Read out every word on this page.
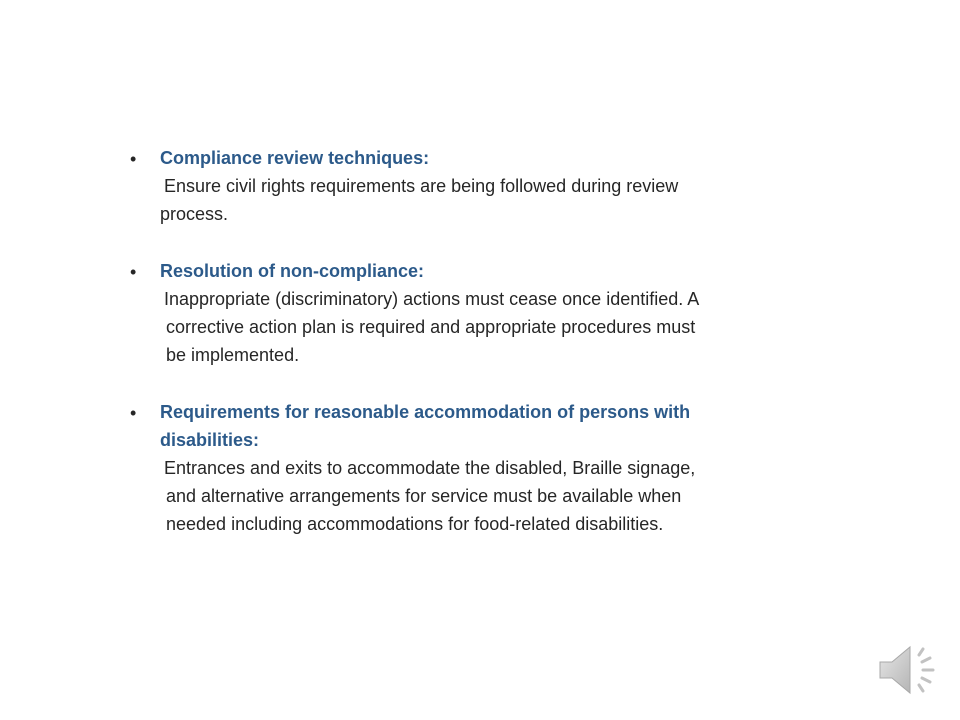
• Compliance review techniques:

Ensure civil rights requirements are being followed during review

process.

• Resolution of non-compliance:

Inappropriate (discriminatory) actions must cease once identified. A

corrective action plan is required and appropriate procedures must

be implemented.

• Requirements for reasonable accommodation of persons with
disabilities:

Entrances and exits to accommodate the disabled, Braille signage,

and alternative arrangements for service must be available when

needed including accommodations for food-related disabilities.
